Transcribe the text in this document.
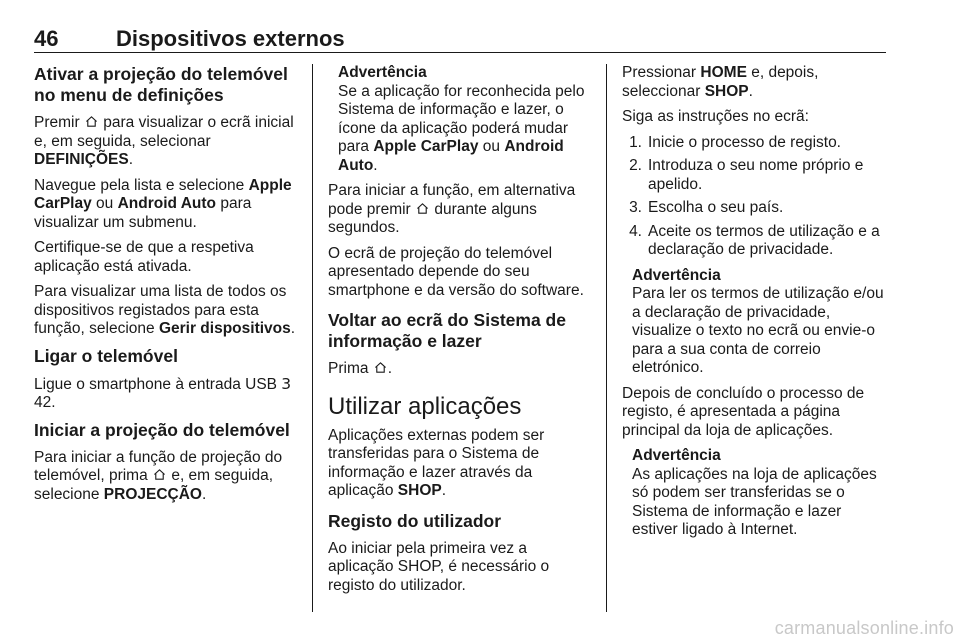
46	Dispositivos externos
Ativar a projeção do telemóvel no menu de definições

Premir  para visualizar o ecrã inicial e, em seguida, selecionar DEFINIÇÕES.

Navegue pela lista e selecione Apple CarPlay ou Android Auto para visualizar um submenu.

Certifique-se de que a respetiva aplicação está ativada.

Para visualizar uma lista de todos os dispositivos registados para esta função, selecione Gerir dispositivos.

Ligar o telemóvel

Ligue o smartphone à entrada USB 3 42.

Iniciar a projeção do telemóvel

Para iniciar a função de projeção do telemóvel, prima  e, em seguida, selecione PROJECÇÃO.

Advertência
Se a aplicação for reconhecida pelo Sistema de informação e lazer, o ícone da aplicação poderá mudar para Apple CarPlay ou Android Auto.

Para iniciar a função, em alternativa pode premir  durante alguns segundos.

O ecrã de projeção do telemóvel apresentado depende do seu smartphone e da versão do software.

Voltar ao ecrã do Sistema de informação e lazer

Prima .

Utilizar aplicações

Aplicações externas podem ser transferidas para o Sistema de informação e lazer através da aplicação SHOP.

Registo do utilizador

Ao iniciar pela primeira vez a aplicação SHOP, é necessário o registo do utilizador.

Pressionar HOME e, depois, seleccionar SHOP.

Siga as instruções no ecrã:

1. Inicie o processo de registo.
2. Introduza o seu nome próprio e apelido.
3. Escolha o seu país.
4. Aceite os termos de utilização e a declaração de privacidade.
Advertência
Para ler os termos de utilização e/ou a declaração de privacidade, visualize o texto no ecrã ou envie-o para a sua conta de correio eletrónico.

Depois de concluído o processo de registo, é apresentada a página principal da loja de aplicações.

Advertência
As aplicações na loja de aplicações só podem ser transferidas se o Sistema de informação e lazer estiver ligado à Internet.
carmanualsonline.info
